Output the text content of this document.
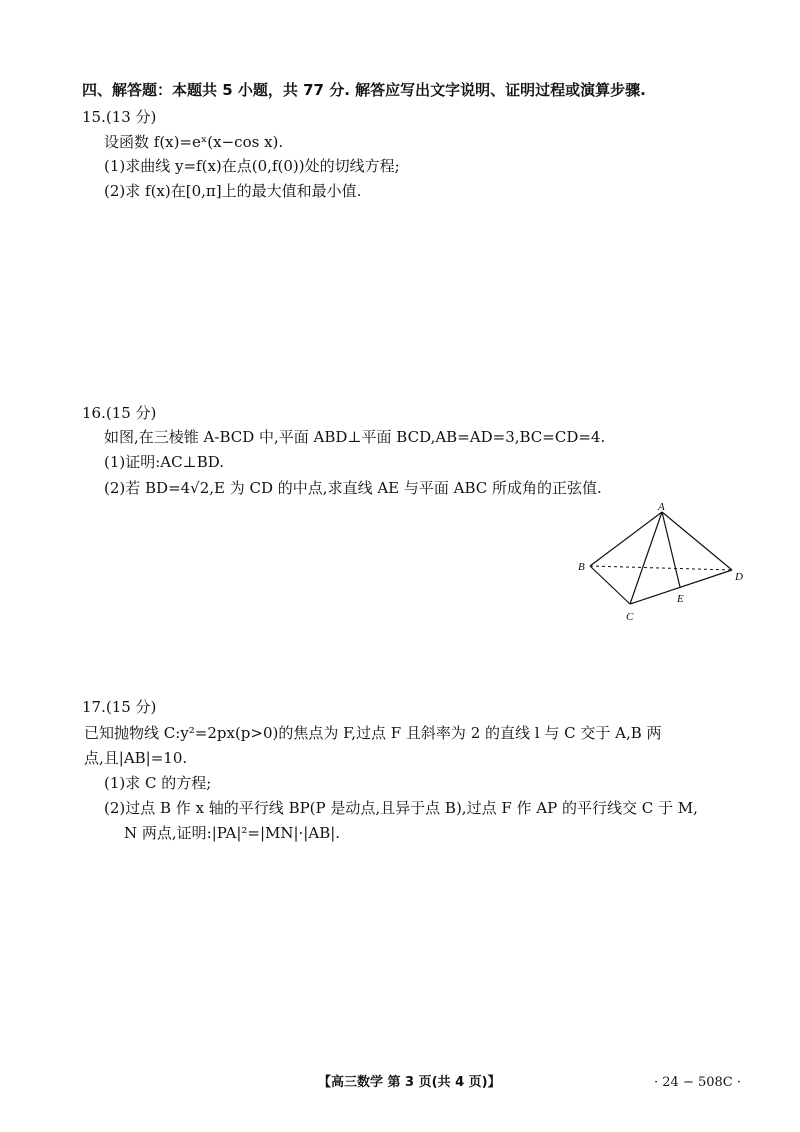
四、解答题：本题共 5 小题，共 77 分. 解答应写出文字说明、证明过程或演算步骤.
15.(13 分)
设函数 f(x)=eˣ(x−cos x).
(1)求曲线 y=f(x)在点(0,f(0))处的切线方程;
(2)求 f(x)在[0,π]上的最大值和最小值.
16.(15 分)
如图,在三棱锥 A-BCD 中,平面 ABD⊥平面 BCD,AB=AD=3,BC=CD=4.
(1)证明:AC⊥BD.
(2)若 BD=4√2,E 为 CD 的中点,求直线 AE 与平面 ABC 所成角的正弦值.
A
B
C
D
E
17.(15 分)
已知抛物线 C:y²=2px(p>0)的焦点为 F,过点 F 且斜率为 2 的直线 l 与 C 交于 A,B 两
点,且|AB|=10.
(1)求 C 的方程;
(2)过点 B 作 x 轴的平行线 BP(P 是动点,且异于点 B),过点 F 作 AP 的平行线交 C 于 M,
N 两点,证明:|PA|²=|MN|·|AB|.
【高三数学 第 3 页(共 4 页)】	· 24 − 508C ·
